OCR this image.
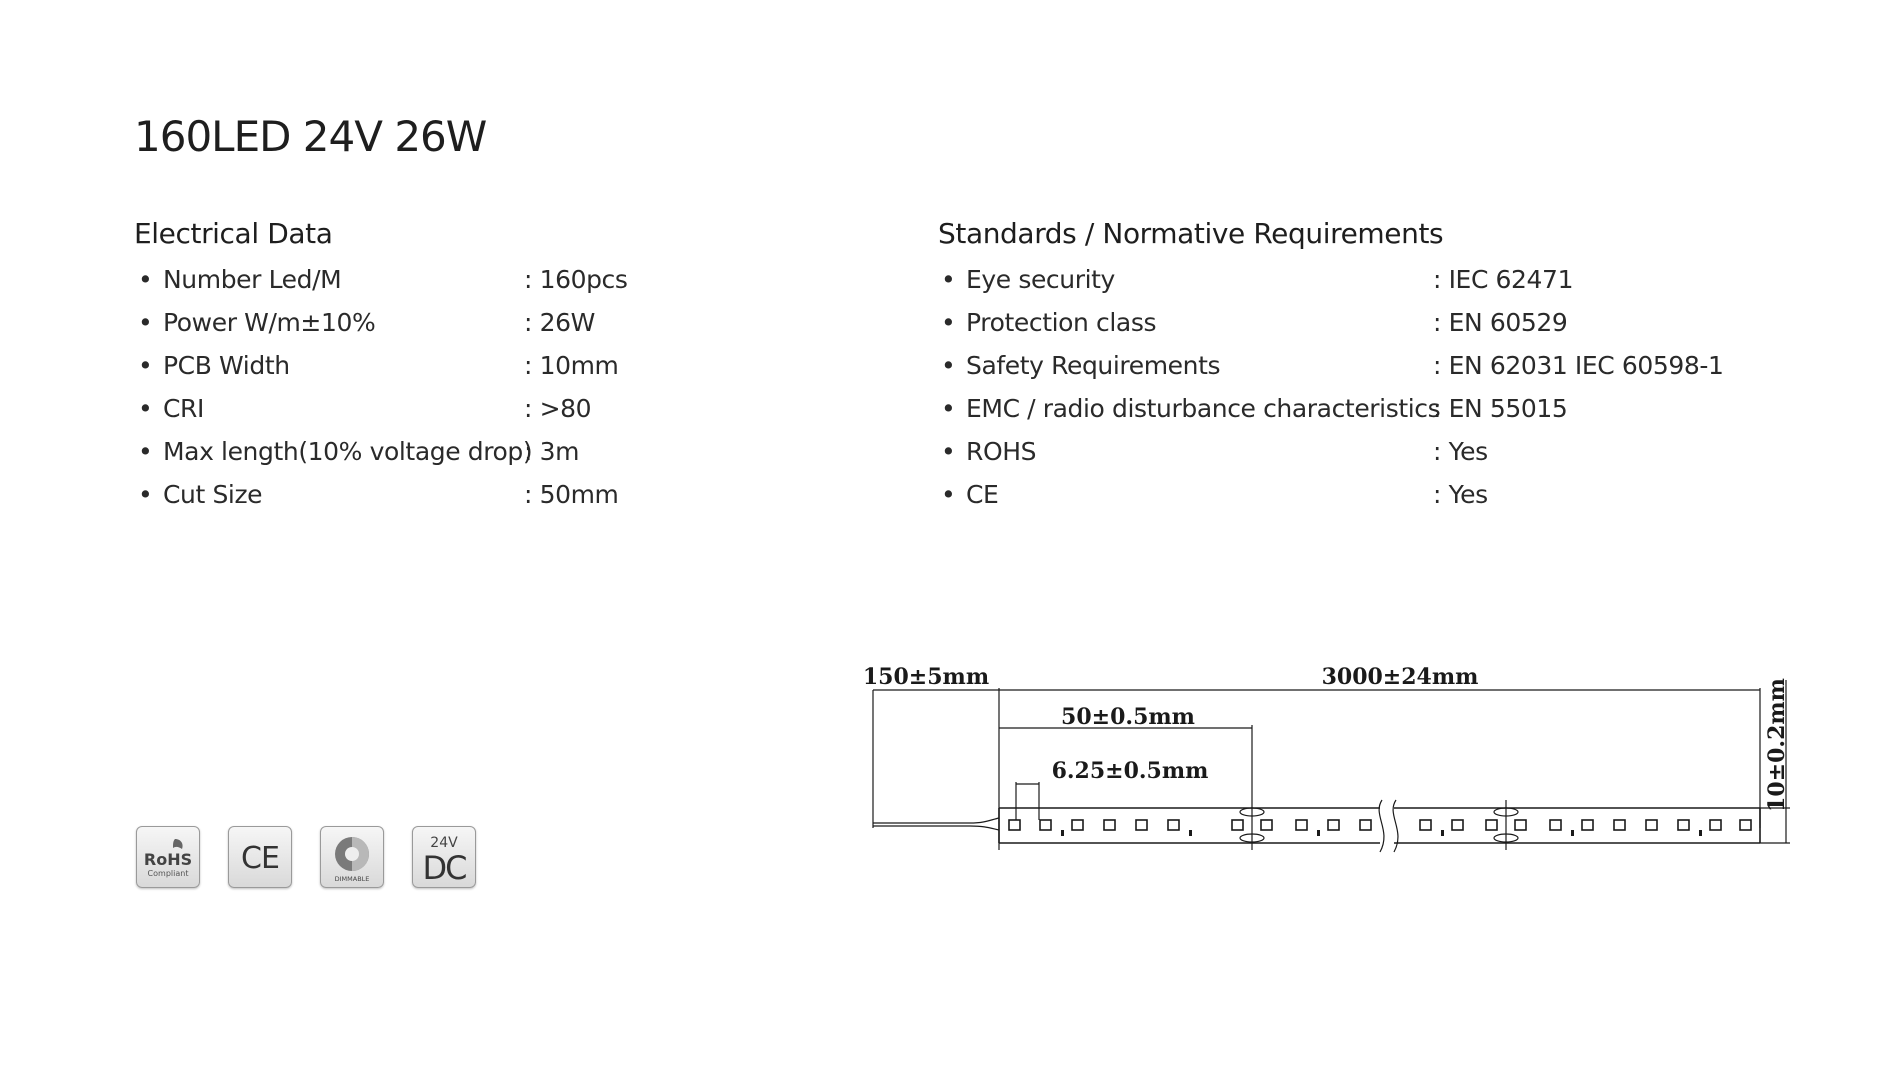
160LED 24V 26W
Electrical Data
• Number Led/M	: 160pcs
• Power W/m±10%	: 26W
• PCB Width	: 10mm
• CRI	: >80
• Max length(10% voltage drop)
: 3m
• Cut Size	: 50mm
Standards / Normative Requirements
• Eye security	: IEC 62471
• Protection class	: EN 60529
• Safety Requirements	: EN 62031 IEC 60598-1
• EMC / radio disturbance characteristics
: EN 55015
• ROHS	: Yes
• CE	: Yes
RoHS
Compliant CE
DIMMABLE
24V
DC
150±5mm	3000±24mm
50±0.5mm
6.25±0.5mm	10±0.2mm
